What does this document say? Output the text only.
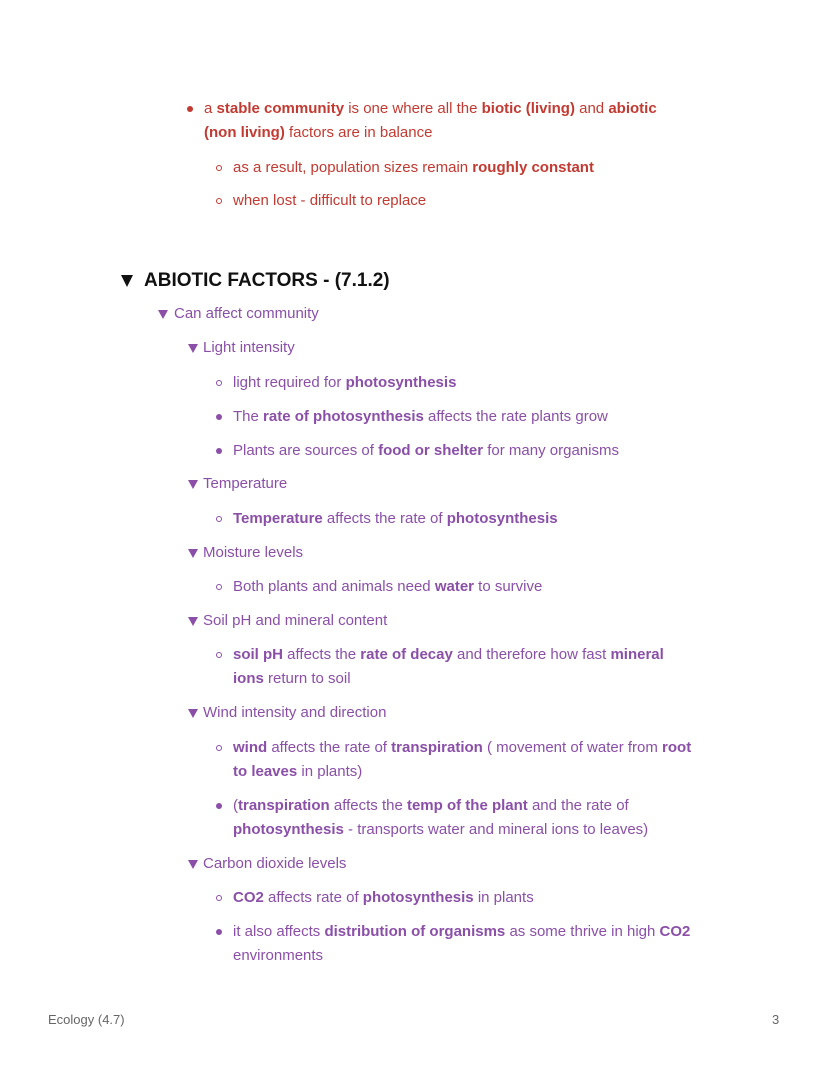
a stable community is one where all the biotic (living) and abiotic
(non living) factors are in balance
as a result, population sizes remain roughly constant
when lost - difficult to replace
ABIOTIC FACTORS - (7.1.2)
Can affect community
Light intensity
light required for photosynthesis
The rate of photosynthesis affects the rate plants grow
Plants are sources of food or shelter for many organisms
Temperature
Temperature affects the rate of photosynthesis
Moisture levels
Both plants and animals need water to survive
Soil pH and mineral content
soil pH affects the rate of decay and therefore how fast mineral
ions return to soil
Wind intensity and direction
wind affects the rate of transpiration ( movement of water from root
to leaves in plants)
(transpiration affects the temp of the plant and the rate of
photosynthesis - transports water and mineral ions to leaves)
Carbon dioxide levels
CO2 affects rate of photosynthesis in plants
it also affects distribution of organisms as some thrive in high CO2
environments
Ecology (4.7)	3
